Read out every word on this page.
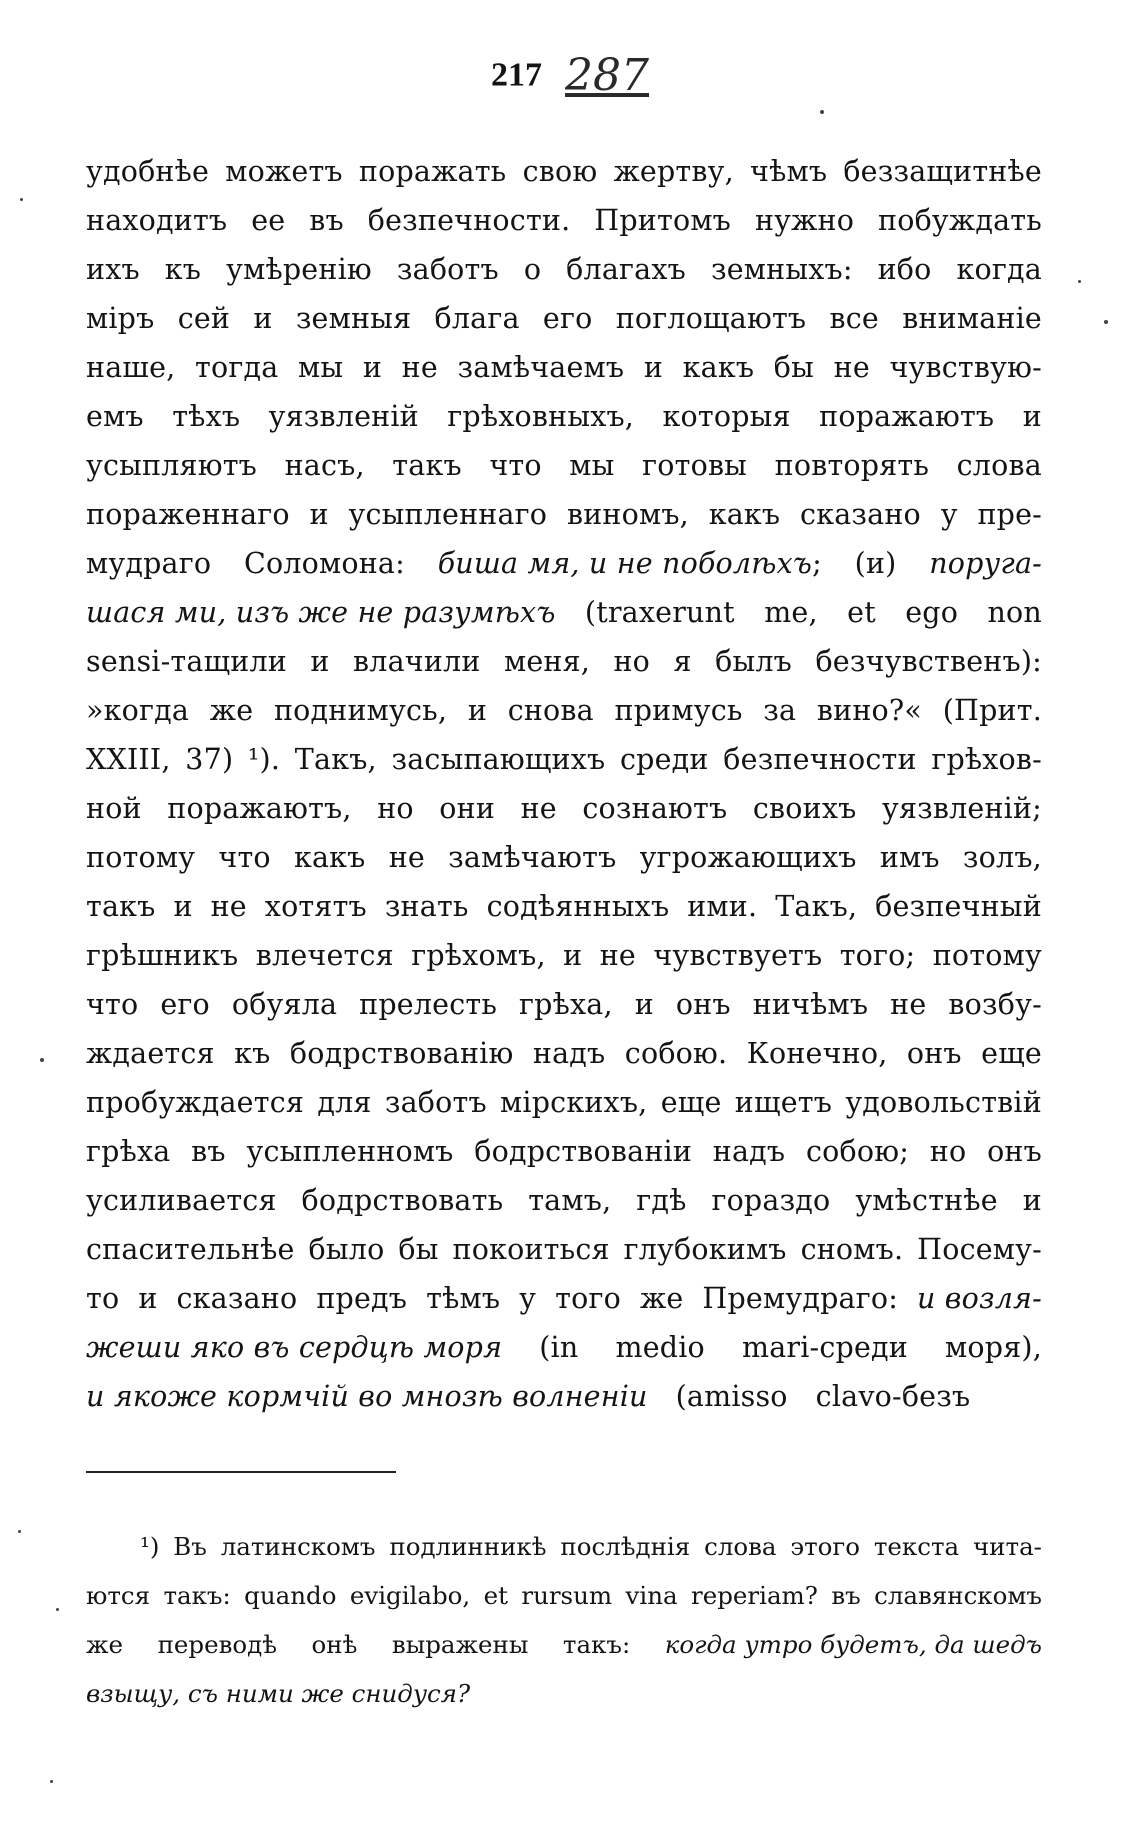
217 287
удобнѣе можетъ поражать свою жертву, чѣмъ беззащитнѣе
находитъ ее въ безпечности. Притомъ нужно побуждать
ихъ къ умѣренію заботъ о благахъ земныхъ: ибо когда
міръ сей и земныя блага его поглощаютъ все вниманіе
наше, тогда мы и не замѣчаемъ и какъ бы не чувствую-
емъ тѣхъ уязвленій грѣховныхъ, которыя поражаютъ и
усыпляютъ насъ, такъ что мы готовы повторять слова
пораженнаго и усыпленнаго виномъ, какъ сказано у пре-
мудраго Соломона: биша мя, и не поболѣхъ; (и) поруга-
шася ми, изъ же не разумѣхъ (traxerunt me, et ego non
sensi-тащили и влачили меня, но я былъ безчувственъ):
»когда же поднимусь, и снова примусь за вино?« (Прит.
XXIII, 37) ¹). Такъ, засыпающихъ среди безпечности грѣхов-
ной поражаютъ, но они не сознаютъ своихъ уязвленій;
потому что какъ не замѣчаютъ угрожающихъ имъ золъ,
такъ и не хотятъ знать содѣянныхъ ими. Такъ, безпечный
грѣшникъ влечется грѣхомъ, и не чувствуетъ того; потому
что его обуяла прелесть грѣха, и онъ ничѣмъ не возбу-
ждается къ бодрствованію надъ собою. Конечно, онъ еще
пробуждается для заботъ мірскихъ, еще ищетъ удовольствій
грѣха въ усыпленномъ бодрствованіи надъ собою; но онъ
усиливается бодрствовать тамъ, гдѣ гораздо умѣстнѣе и
спасительнѣе было бы покоиться глубокимъ сномъ. Посему-
то и сказано предъ тѣмъ у того же Премудраго: и возля-
жеши яко въ сердцѣ моря (in medio mari-среди моря),
и якоже кормчій во мнозѣ волненіи (amisso clavo-безъ
¹) Въ латинскомъ подлинникѣ послѣднія слова этого текста чита-
ются такъ: quando evigilabo, et rursum vina reperiam? въ славянскомъ
же переводѣ онѣ выражены такъ: когда утро будетъ, да шедъ
взыщу, съ ними же снидуся?
